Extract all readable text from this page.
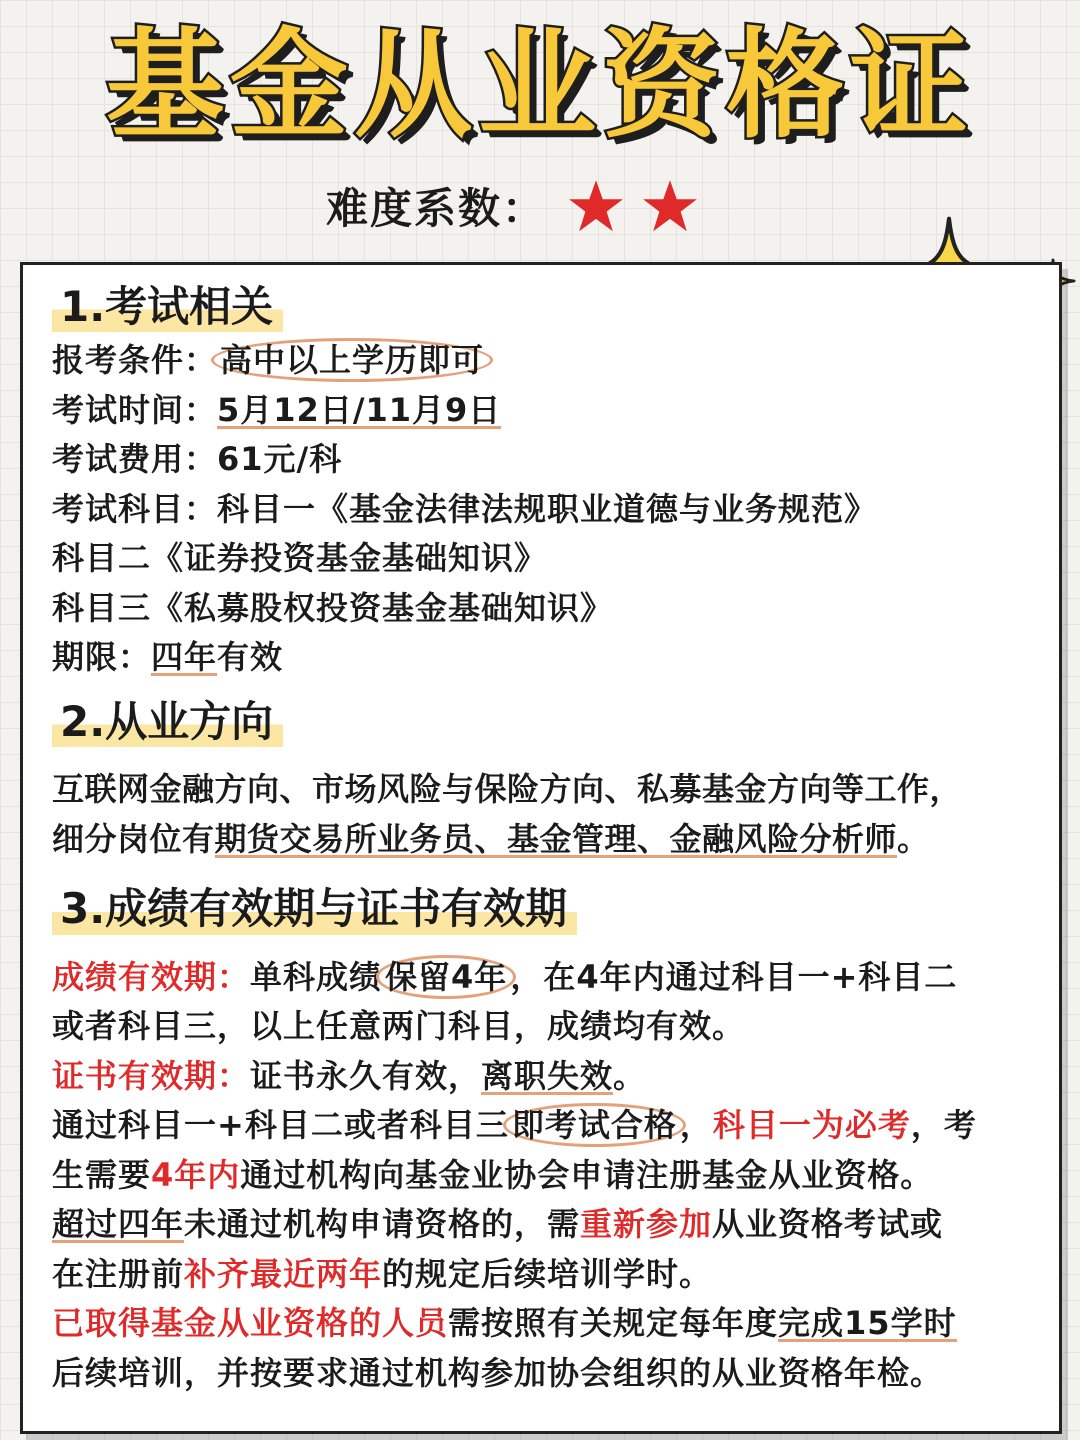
基金从业资格证
难度系数：
1.考试相关
报考条件：高中以上学历即可
考试时间：5月12日/11月9日
考试费用：61元/科
考试科目：科目一《基金法律法规职业道德与业务规范》
科目二《证券投资基金基础知识》
科目三《私募股权投资基金基础知识》
期限：四年有效
2.从业方向
互联网金融方向、市场风险与保险方向、私募基金方向等工作，
细分岗位有期货交易所业务员、基金管理、金融风险分析师。
3.成绩有效期与证书有效期
成绩有效期：单科成绩保留4年，在4年内通过科目一+科目二
或者科目三，以上任意两门科目，成绩均有效。
证书有效期：证书永久有效，离职失效。
通过科目一+科目二或者科目三即考试合格，科目一为必考，考
生需要4年内通过机构向基金业协会申请注册基金从业资格。
超过四年未通过机构申请资格的，需重新参加从业资格考试或
在注册前补齐最近两年的规定后续培训学时。
已取得基金从业资格的人员需按照有关规定每年度完成15学时
后续培训，并按要求通过机构参加协会组织的从业资格年检。
